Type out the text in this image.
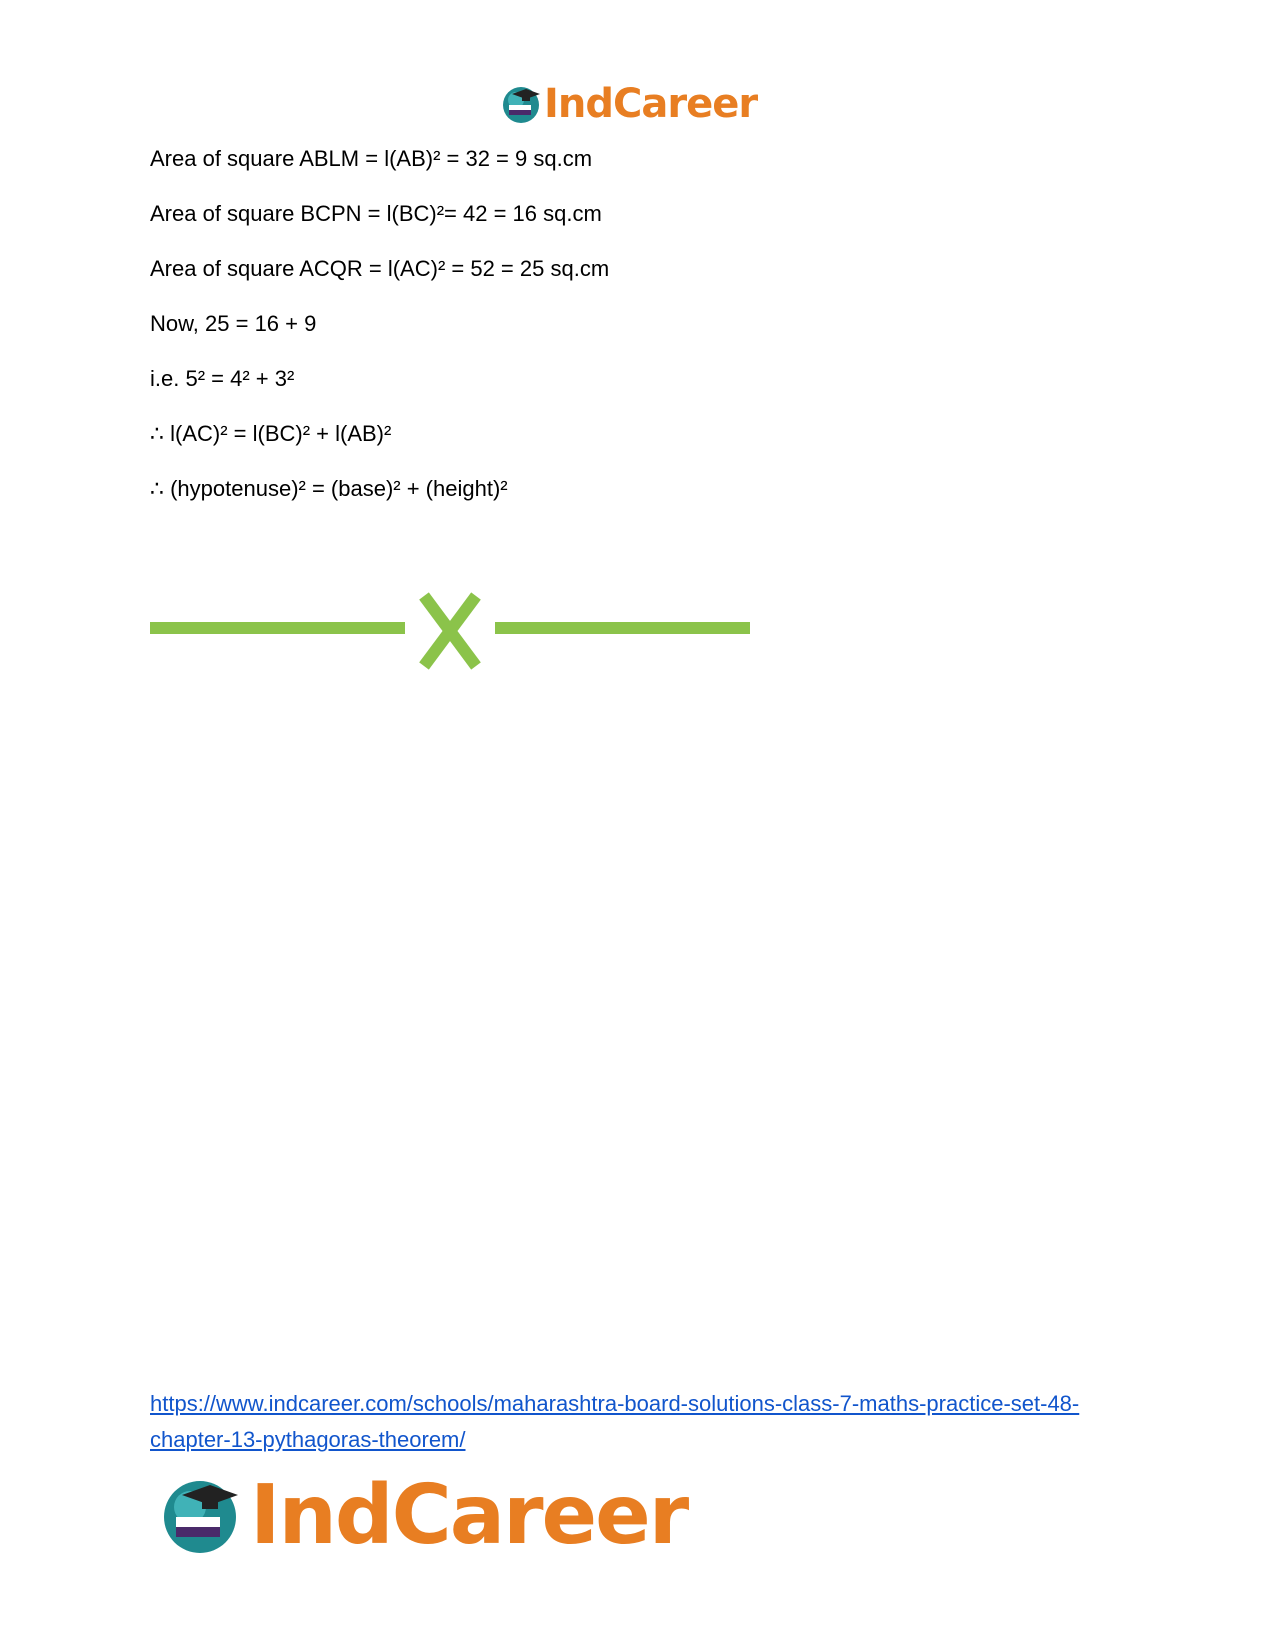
IndCareer

Area of square ABLM = l(AB)² = 32 = 9 sq.cm

Area of square BCPN = l(BC)²= 42 = 16 sq.cm

Area of square ACQR = l(AC)² = 52 = 25 sq.cm

Now, 25 = 16 + 9

i.e. 5² = 4² + 3²

∴ l(AC)² = l(BC)² + l(AB)²

∴ (hypotenuse)² = (base)² + (height)²

https://www.indcareer.com/schools/maharashtra-board-solutions-class-7-maths-practice-set-48-
chapter-13-pythagoras-theorem/
IndCareer
